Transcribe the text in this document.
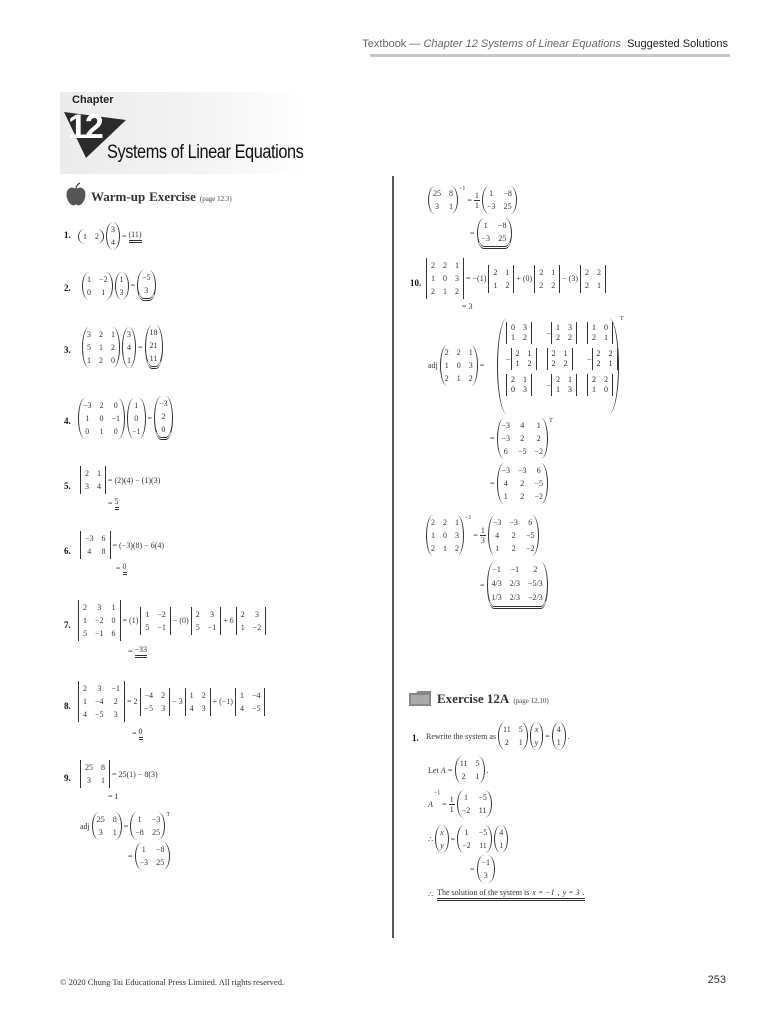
Textbook — Chapter 12 Systems of Linear Equations Suggested Solutions
Chapter
12
Systems of Linear Equations
Warm-up Exercise (page 12.3)
1. 1 2
3
4
= (11)
2.
1 −2
0 1
1
3
=
−5
3
3.
3 2 1
5 1 2
1 2 0
3
4
1
=
18
21
11
4.
−3 2 0
1 0 −1
0 1 0
1
0
−1
=
−3
2
0
5.
2 1
3 4
= (2)(4) − (1)(3)
= 5
6.
−3 6
4 8
= (−3)(8) − 6(4)
= 0
7.
2 3 1
1 −2 0
5 −1 6
= (1)
1 −2
5 −1
− (0)
2 3
5 −1
+ 6
2 3
1 −2
= −33
8.
2 3 −1
1 −4 2
4 −5 3
= 2
−4 2
−5 3
− 3
1 2
4 3
+ (−1)
1 −4
4 −5
= 0
9.
25 8
3 1
= 25(1) − 8(3)
= 1
adj
25 8
3 1
=
1 −3
−8 25
T
=
1 −8
−3 25
25 8
3 1
−1
= $\frac{1}{1} 1 -8$
−3 25
=
1 −8
−3 25
10.
2 2 1
1 0 3
2 1 2
= −(1)
2 1
1 2
+ (0)
2 1
2 2
− (3)
2 2
2 1
= 3
adj
2 2 1
1 0 3
2 1 2
=
0 3
1 2 −
1 3
2 2
1 0
2 1
−
2 1
1 2
2 1
2 2 −
2 2
2 1
2 1
0 3 −
2 1
1 3
2 2
1 0
T
=
−3 4 1
−3 2 2
6 −5 −2
T
=
−3 −3 6
4 2 −5
1 2 −2
2 2 1
1 0 3
2 1 2
−1
= $\frac{1}{3}$
−3 −3 6
4 2 −5
1 2 −2
=
−1 −1	2
4/3 2/3 −5/3
1/3 2/3 −2/3
Exercise 12A (page 12.10)
1. Rewrite the system as
11 5
2 1
x
y
=
4
1
.
Let A =
11 5
2 1
.
A
−1
= $\frac{1}{1} 1 -5$
−2 11
∴
x
y
=
1 −5
−2 11
4
1
=
−1
3
∴
The solution of the system is x = −1 , y = 3 .
© 2020 Chung Tai Educational Press Limited. All rights reserved.	253
